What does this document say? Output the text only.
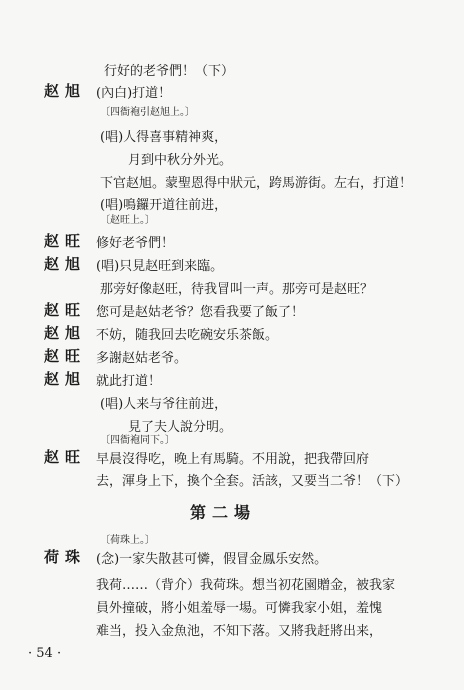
赵旭
赵旺
赵旭
赵旺
赵旭
赵旺
赵旭
赵旺
荷珠
行好的老爷們！（下）
(內白)打道！
〔四衙袍引赵旭上。〕
(唱)人得喜事精神爽，
月到中秋分外光。
下官赵旭。蒙聖恩得中狀元，跨馬游街。左右，打道！
(唱)鳴鑼开道往前进，
〔赵旺上。〕
修好老爷們！
(唱)只見赵旺到来臨。
那旁好像赵旺，待我冒叫一声。那旁可是赵旺？
您可是赵姑老爷？您看我要了飯了！
不妨，随我回去吃碗安乐茶飯。
多謝赵姑老爷。
就此打道！
(唱)人来与爷往前进，
見了夫人說分明。
〔四衙袍同下。〕
早晨沒得吃，晚上有馬騎。不用說，把我帶回府
去，渾身上下，換个全套。活該，又要当二爷！（下）
第二場
〔荷珠上。〕
(念)一家失散甚可憐，假冒金鳳乐安然。
我荷……（背介）我荷珠。想当初花園贈金，被我家
員外撞破，將小姐羞辱一場。可憐我家小姐，羞愧
难当，投入金魚池，不知下落。又將我赶將出来，
· 54 ·
